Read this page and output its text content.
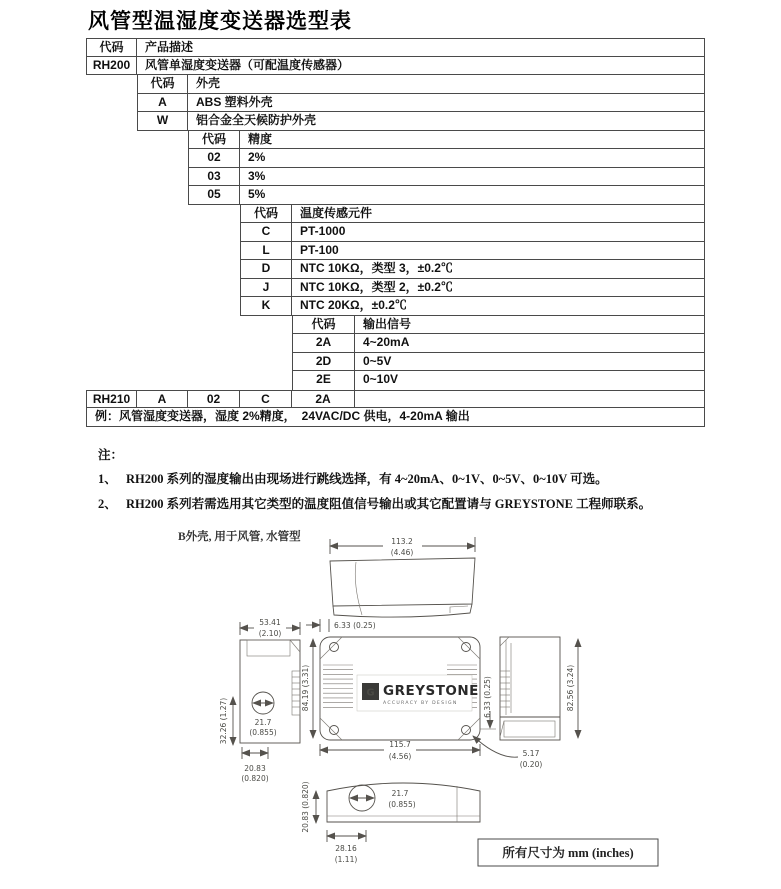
风管型温湿度变送器选型表
代码	产品描述
RH200	风管单湿度变送器（可配温度传感器）
代码	外壳
A	ABS 塑料外壳
W	铝合金全天候防护外壳
代码	精度
02	2%
03	3%
05	5%
代码	温度传感元件
C	PT-1000
L	PT-100
D	NTC 10KΩ，类型 3，±0.2℃
J	NTC 10KΩ，类型 2，±0.2℃
K	NTC 20KΩ，±0.2℃
代码	输出信号
2A	4~20mA
2D	0~5V
2E	0~10V
RH210	A	02	C	2A
例：风管湿度变送器，湿度 2%精度，　24VAC/DC 供电，4-20mA 输出
注：
1、 RH200 系列的湿度输出由现场进行跳线选择，有 4~20mA、0~1V、0~5V、0~10V 可选。
2、 RH200 系列若需选用其它类型的温度阻值信号输出或其它配置请与 GREYSTONE 工程师联系。
B外壳, 用于风管, 水管型	113.2
(4.46)
21.7
(0.855)
53.41
(2.10)
32.26 (1.27)
20.83
(0.820)
G GREYSTONE
ACCURACY BY DESIGN
6.33 (0.25)
84.19 (3.31)
115.7
(4.56)
6.33 (0.25)
5.17
(0.20)
82.56 (3.24)
21.7
(0.855)
20.83 (0.820)
28.16
(1.11)	所有尺寸为 mm (inches)
